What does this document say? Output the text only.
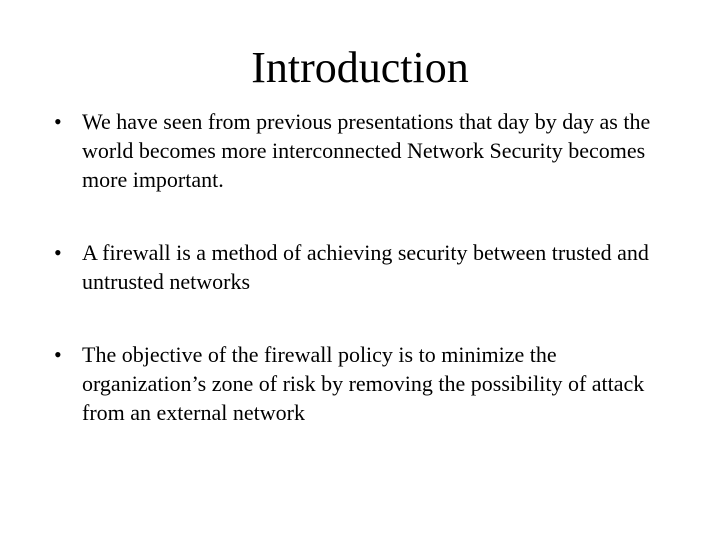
Introduction
• We have seen from previous presentations that day by day as the world becomes more interconnected Network Security becomes more important.
• A firewall is a method of achieving security between trusted and untrusted networks
• The objective of the firewall policy is to minimize the organization’s zone of risk by removing the possibility of attack from an external network
